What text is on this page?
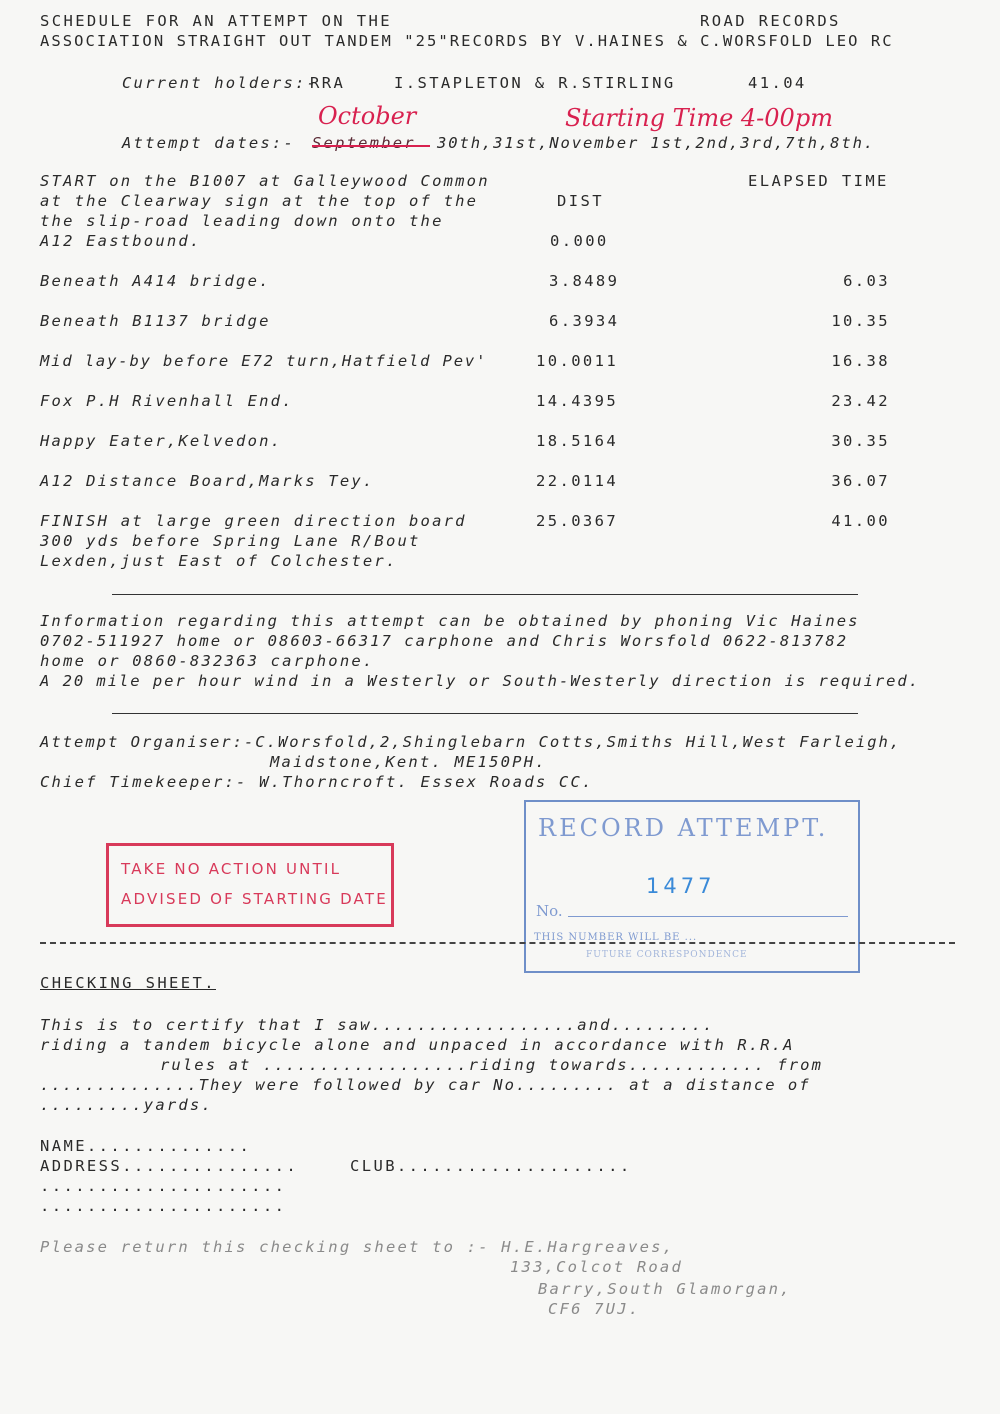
SCHEDULE FOR AN ATTEMPT ON THE	ROAD RECORDS
ASSOCIATION STRAIGHT OUT TANDEM "25"RECORDS BY V.HAINES & C.WORSFOLD LEO RC
Current holders:-
RRA	I.STAPLETON & R.STIRLING	41.04
October	Starting Time 4-00pm
Attempt dates:- September 30th,31st,November 1st,2nd,3rd,7th,8th.
START on the B1007 at Galleywood Common	ELAPSED TIME
at the Clearway sign at the top of the	DIST
the slip-road leading down onto the
A12 Eastbound.	0.000
Beneath A414 bridge.	3.8489	6.03
Beneath B1137 bridge	6.3934	10.35
Mid lay-by before E72 turn,Hatfield Pev'	10.0011	16.38
Fox P.H Rivenhall End.	14.4395	23.42
Happy Eater,Kelvedon.	18.5164	30.35
A12 Distance Board,Marks Tey.	22.0114	36.07
FINISH at large green direction board	25.0367	41.00
300 yds before Spring Lane R/Bout
Lexden,just East of Colchester.
Information regarding this attempt can be obtained by phoning Vic Haines
0702-511927 home or 08603-66317 carphone and Chris Worsfold 0622-813782
home or 0860-832363 carphone.
A 20 mile per hour wind in a Westerly or South-Westerly direction is required.
Attempt Organiser:-C.Worsfold,2,Shinglebarn Cotts,Smiths Hill,West Farleigh,
Maidstone,Kent. ME150PH.
Chief Timekeeper:- W.Thorncroft. Essex Roads CC.
TAKE NO ACTION UNTIL
ADVISED OF STARTING DATE
RECORD ATTEMPT.
1477
No.
THIS NUMBER WILL BE ...
FUTURE CORRESPONDENCE
CHECKING SHEET.
This is to certify that I saw..................and.........
riding a tandem bicycle alone and unpaced in accordance with R.R.A
rules at ..................riding towards............ from
..............They were followed by car No......... at a distance of
.........yards.
NAME..............
ADDRESS...............	CLUB....................
.....................
.....................
Please return this checking sheet to :- H.E.Hargreaves,
133,Colcot Road
Barry,South Glamorgan,
CF6 7UJ.
